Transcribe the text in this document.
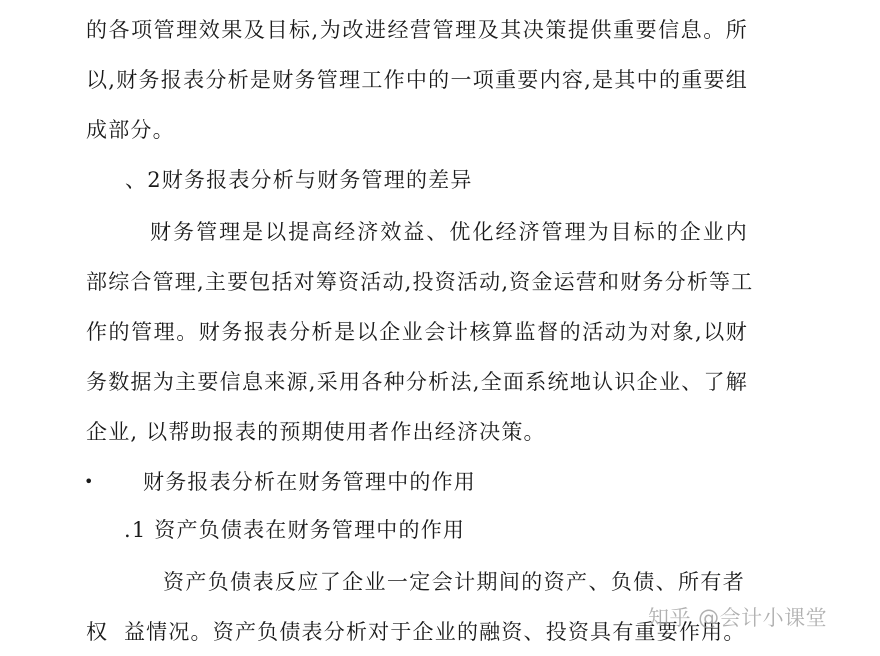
的各项管理效果及目标,为改进经营管理及其决策提供重要信息。所
以,财务报表分析是财务管理工作中的一项重要内容,是其中的重要组
成部分。
、2财务报表分析与财务管理的差异
财务管理是以提高经济效益、优化经济管理为目标的企业内
部综合管理,主要包括对筹资活动,投资活动,资金运营和财务分析等工
作的管理。财务报表分析是以企业会计核算监督的活动为对象,以财
务数据为主要信息来源,采用各种分析法,全面系统地认识企业、了解
企业, 以帮助报表的预期使用者作出经济决策。
• 财务报表分析在财务管理中的作用
.1 资产负债表在财务管理中的作用
资产负债表反应了企业一定会计期间的资产、负债、所有者
权  益情况。资产负债表分析对于企业的融资、投资具有重要作用。
知乎 @会计小课堂
